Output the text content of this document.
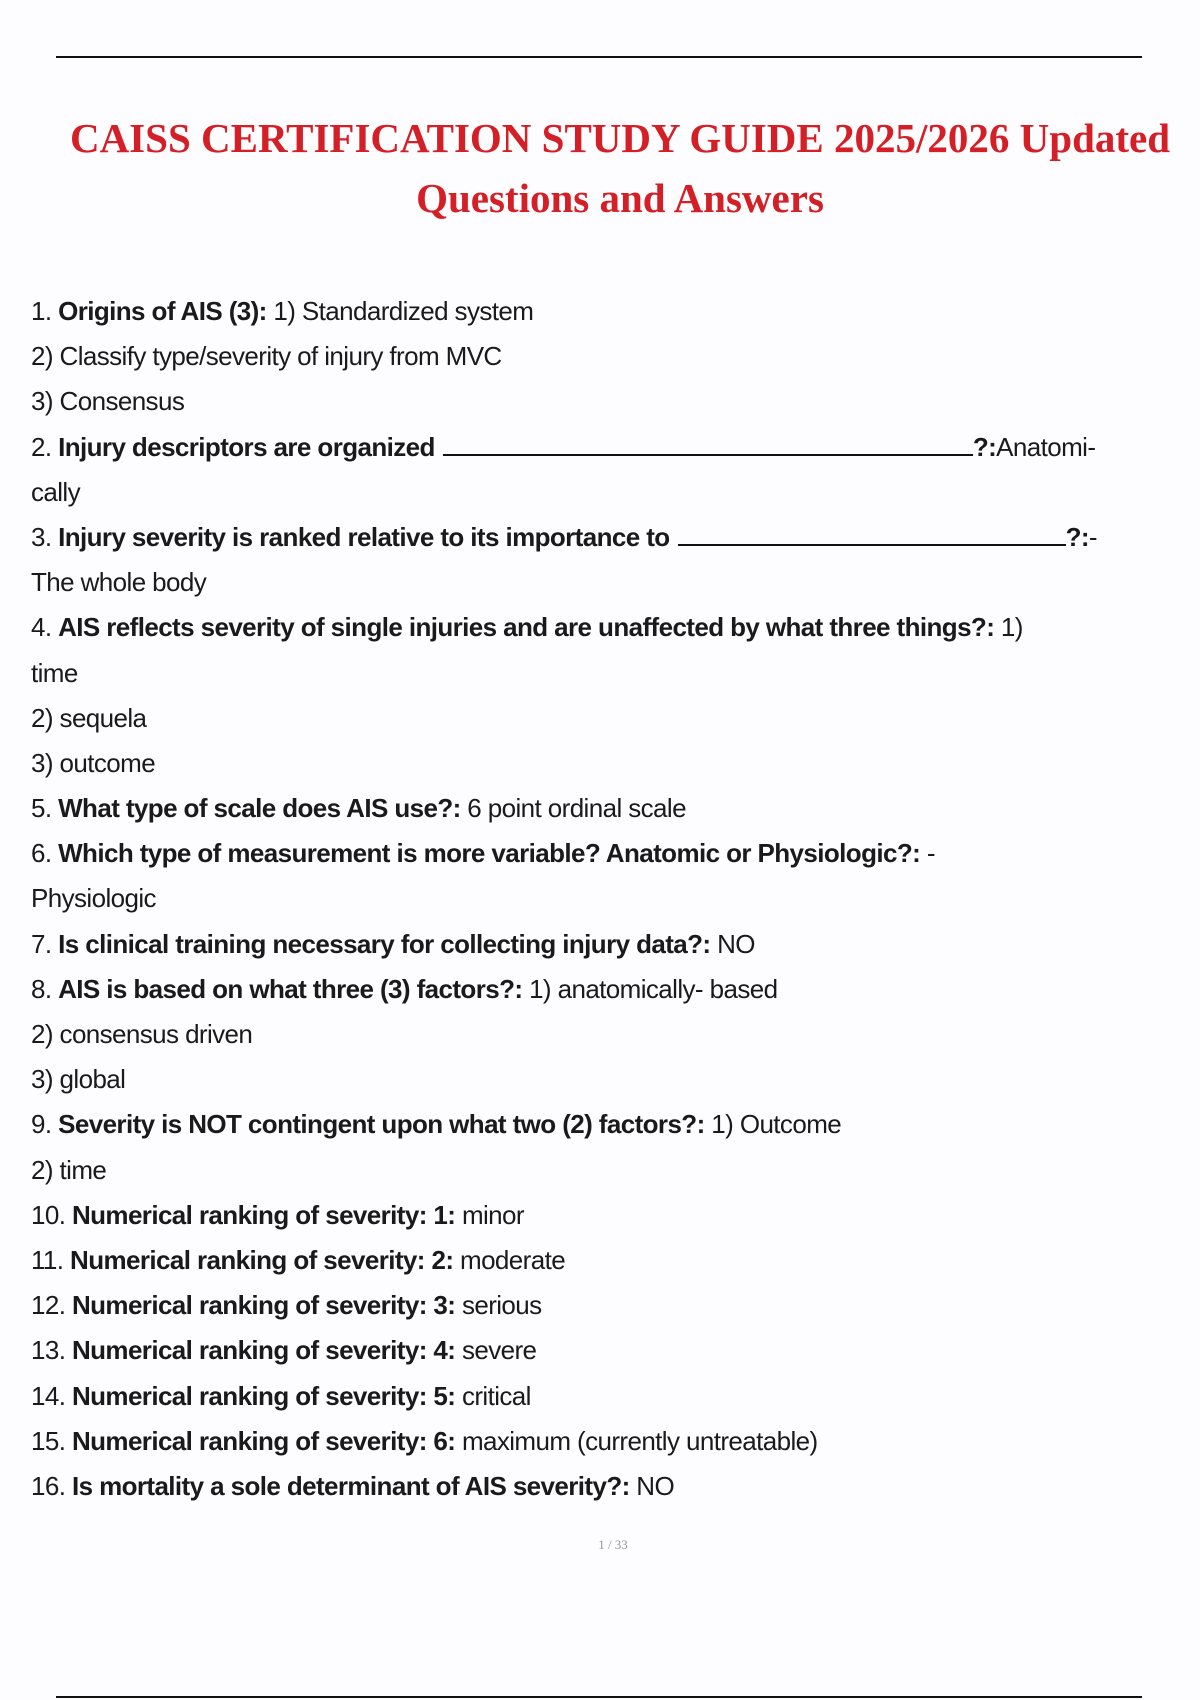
CAISS CERTIFICATION STUDY GUIDE 2025/2026 Updated
Questions and Answers
1. Origins of AIS (3): 1) Standardized system
2) Classify type/severity of injury from MVC
3) Consensus
2. Injury descriptors are organized	?:Anatomi-
cally
3. Injury severity is ranked relative to its importance to	?:-
The whole body
4. AIS reflects severity of single injuries and are unaffected by what three things?: 1)
time
2) sequela
3) outcome
5. What type of scale does AIS use?: 6 point ordinal scale
6. Which type of measurement is more variable? Anatomic or Physiologic?: -
Physiologic
7. Is clinical training necessary for collecting injury data?: NO
8. AIS is based on what three (3) factors?: 1) anatomically- based
2) consensus driven
3) global
9. Severity is NOT contingent upon what two (2) factors?: 1) Outcome
2) time
10. Numerical ranking of severity: 1: minor
11. Numerical ranking of severity: 2: moderate
12. Numerical ranking of severity: 3: serious
13. Numerical ranking of severity: 4: severe
14. Numerical ranking of severity: 5: critical
15. Numerical ranking of severity: 6: maximum (currently untreatable)
16. Is mortality a sole determinant of AIS severity?: NO
1 / 33
